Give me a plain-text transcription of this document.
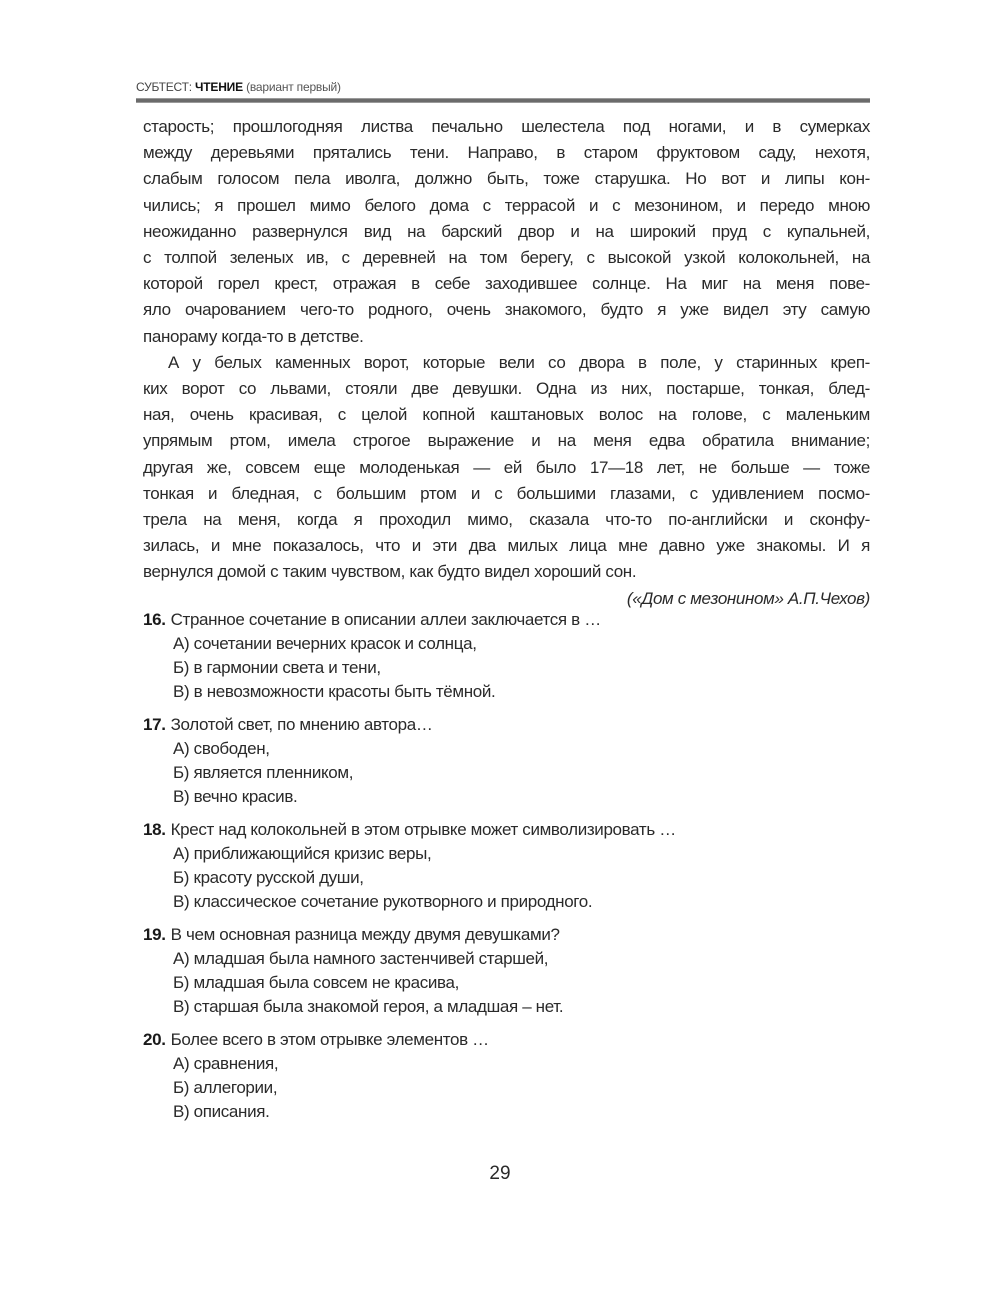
СУБТЕСТ: ЧТЕНИЕ (вариант первый)
старость; прошлогодняя листва печально шелестела под ногами, и в сумерках
между деревьями прятались тени. Направо, в старом фруктовом саду, нехотя,
слабым голосом пела иволга, должно быть, тоже старушка. Но вот и липы кон-
чились; я прошел мимо белого дома с террасой и с мезонином, и передо мною
неожиданно развернулся вид на барский двор и на широкий пруд с купальней,
с толпой зеленых ив, с деревней на том берегу, с высокой узкой колокольней, на
которой горел крест, отражая в себе заходившее солнце. На миг на меня пове-
яло очарованием чего-то родного, очень знакомого, будто я уже видел эту самую
панораму когда-то в детстве.
А у белых каменных ворот, которые вели со двора в поле, у старинных креп-
ких ворот со львами, стояли две девушки. Одна из них, постарше, тонкая, блед-
ная, очень красивая, с целой копной каштановых волос на голове, с маленьким
упрямым ртом, имела строгое выражение и на меня едва обратила внимание;
другая же, совсем еще молоденькая — ей было 17—18 лет, не больше — тоже
тонкая и бледная, с большим ртом и с большими глазами, с удивлением посмо-
трела на меня, когда я проходил мимо, сказала что-то по-английски и сконфу-
зилась, и мне показалось, что и эти два милых лица мне давно уже знакомы. И я
вернулся домой с таким чувством, как будто видел хороший сон.
(«Дом с мезонином» А.П.Чехов)
16. Странное сочетание в описании аллеи заключается в …
А) сочетании вечерних красок и солнца,
Б) в гармонии света и тени,
В) в невозможности красоты быть тёмной.
17. Золотой свет, по мнению автора…
А) свободен,
Б) является пленником,
В) вечно красив.
18. Крест над колокольней в этом отрывке может символизировать …
А) приближающийся кризис веры,
Б) красоту русской души,
В) классическое сочетание рукотворного и природного.
19. В чем основная разница между двумя девушками?
А) младшая была намного застенчивей старшей,
Б) младшая была совсем не красива,
В) старшая была знакомой героя, а младшая – нет.
20. Более всего в этом отрывке элементов …
А) сравнения,
Б) аллегории,
В) описания.
29
